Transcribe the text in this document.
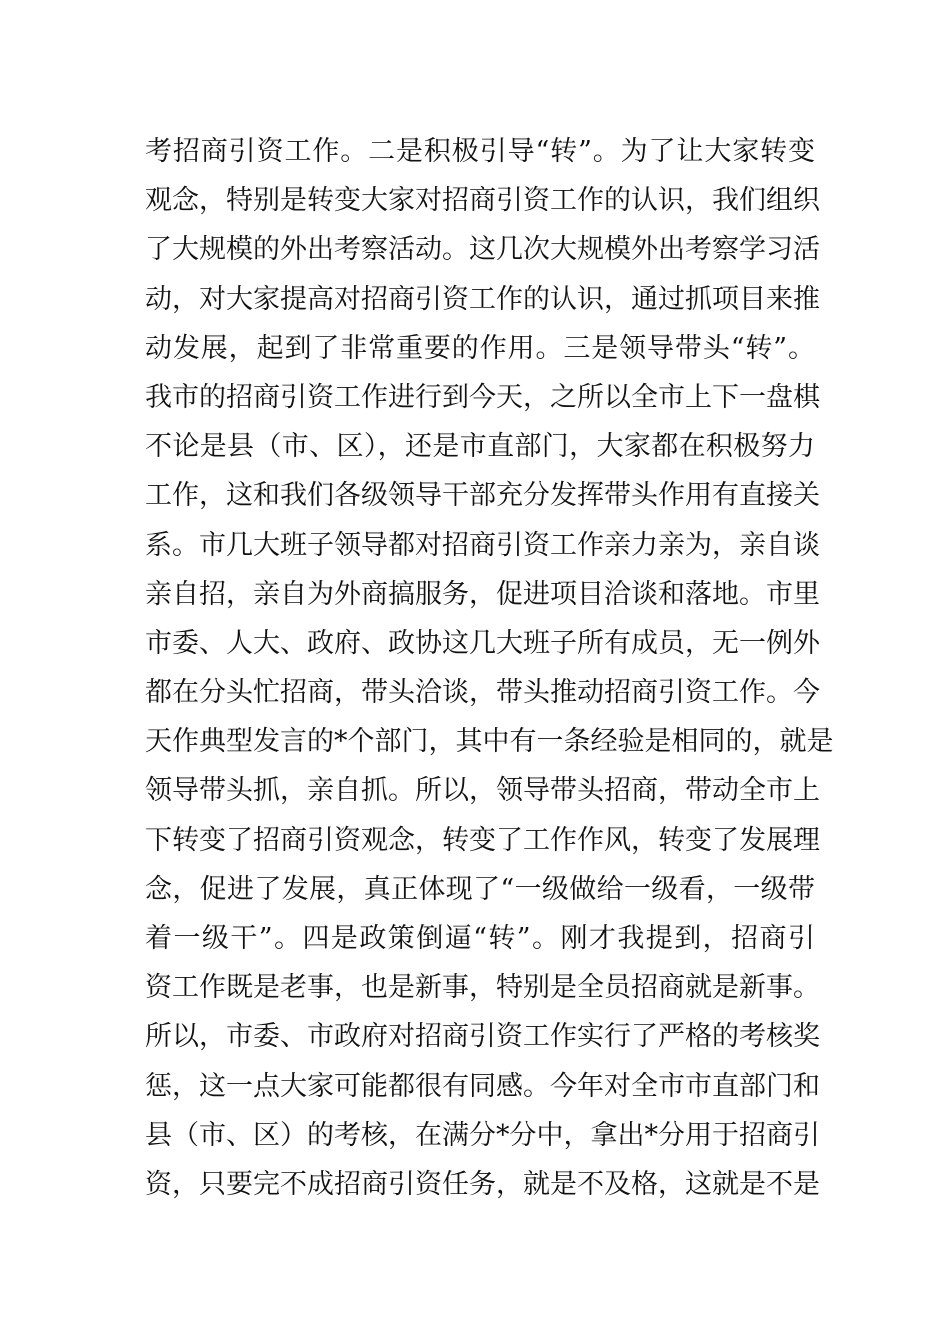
考招商引资工作。二是积极引导“转”。为了让大家转变
观念，特别是转变大家对招商引资工作的认识，我们组织
了大规模的外出考察活动。这几次大规模外出考察学习活
动，对大家提高对招商引资工作的认识，通过抓项目来推
动发展，起到了非常重要的作用。三是领导带头“转”。
我市的招商引资工作进行到今天，之所以全市上下一盘棋
不论是县（市、区），还是市直部门，大家都在积极努力
工作，这和我们各级领导干部充分发挥带头作用有直接关
系。市几大班子领导都对招商引资工作亲力亲为，亲自谈
亲自招，亲自为外商搞服务，促进项目洽谈和落地。市里
市委、人大、政府、政协这几大班子所有成员，无一例外
都在分头忙招商，带头洽谈，带头推动招商引资工作。今
天作典型发言的*个部门，其中有一条经验是相同的，就是
领导带头抓，亲自抓。所以，领导带头招商，带动全市上
下转变了招商引资观念，转变了工作作风，转变了发展理
念，促进了发展，真正体现了“一级做给一级看，一级带
着一级干”。四是政策倒逼“转”。刚才我提到，招商引
资工作既是老事，也是新事，特别是全员招商就是新事。
所以，市委、市政府对招商引资工作实行了严格的考核奖
惩，这一点大家可能都很有同感。今年对全市市直部门和
县（市、区）的考核，在满分*分中，拿出*分用于招商引
资，只要完不成招商引资任务，就是不及格，这就是不是
